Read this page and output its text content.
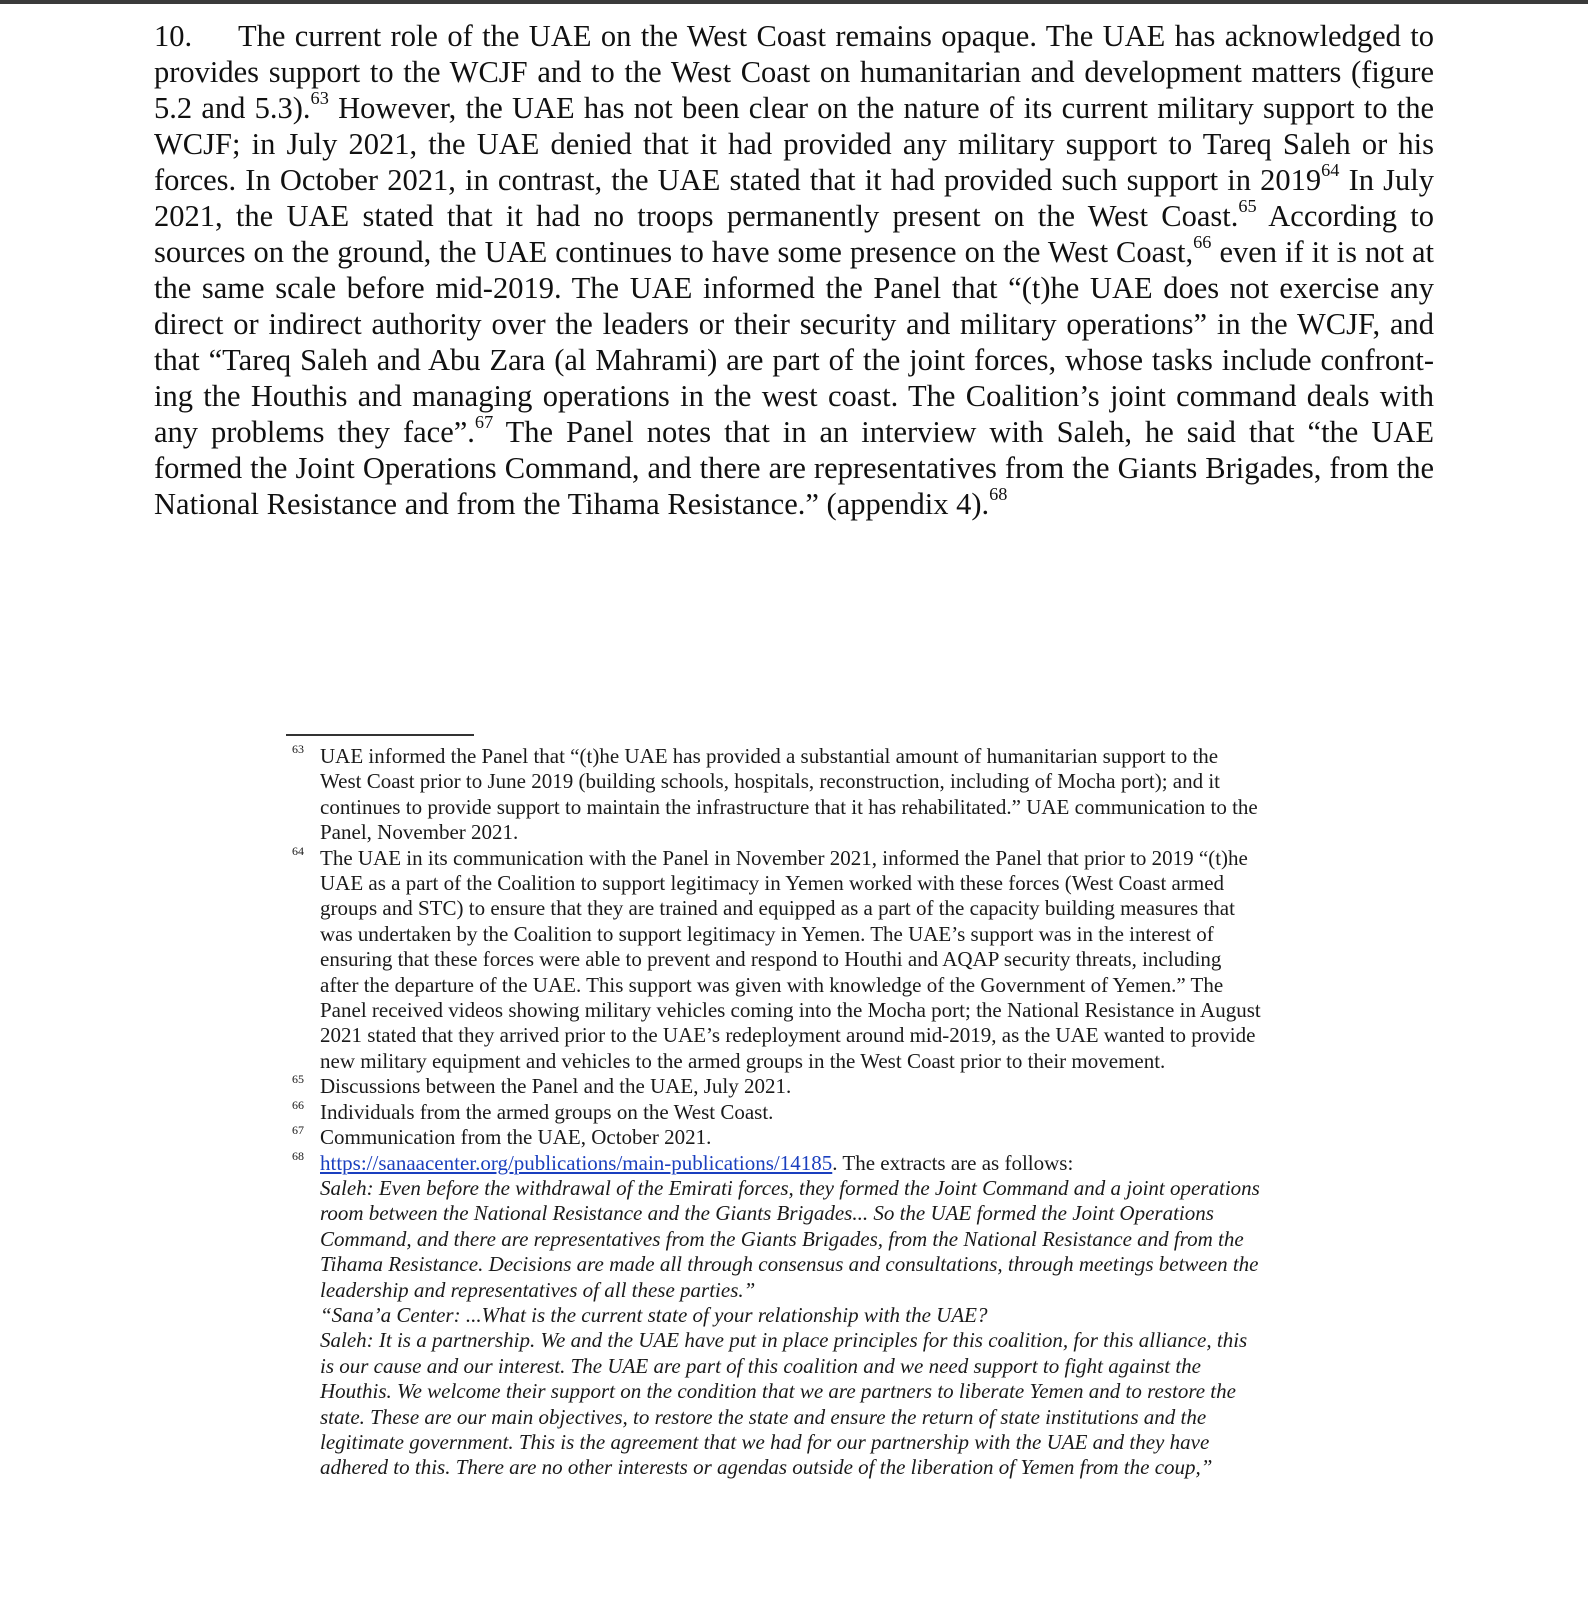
10. The current role of the UAE on the West Coast remains opaque. The UAE has acknowledged to provides support to the WCJF and to the West Coast on humanitarian and development matters (figure 5.2 and 5.3).$^{63}$ However, the UAE has not been clear on the nature of its current military support to the WCJF; in July 2021, the UAE denied that it had provided any military support to Tareq Saleh or his forces. In October 2021, in contrast, the UAE stated that it had provided such support in 2019$^{64}$ In July 2021, the UAE stated that it had no troops permanently present on the West Coast.$^{65}$ According to sources on the ground, the UAE continues to have some presence on the West Coast,$^{66}$ even if it is not at the same scale before mid-2019. The UAE informed the Panel that “(t)he UAE does not exercise any direct or indirect authority over the leaders or their security and military operations” in the WCJF, and that “Tareq Saleh and Abu Zara (al Mahrami) are part of the joint forces, whose tasks include confronting the Houthis and managing operations in the west coast. The Coalition’s joint command deals with any problems they face”.$^{67}$ The Panel notes that in an interview with Saleh, he said that “the UAE formed the Joint Operations Command, and there are representatives from the Giants Brigades, from the National Resistance and from the Tihama Resistance.” (appendix 4).$^{68}$

63 UAE informed the Panel that “(t)he UAE has provided a substantial amount of humanitarian support to the West Coast prior to June 2019 (building schools, hospitals, reconstruction, including of Mocha port); and it continues to provide support to maintain the infrastructure that it has rehabilitated.” UAE communication to the Panel, November 2021.

64 The UAE in its communication with the Panel in November 2021, informed the Panel that prior to 2019 “(t)he UAE as a part of the Coalition to support legitimacy in Yemen worked with these forces (West Coast armed groups and STC) to ensure that they are trained and equipped as a part of the capacity building measures that was undertaken by the Coalition to support legitimacy in Yemen. The UAE’s support was in the interest of ensuring that these forces were able to prevent and respond to Houthi and AQAP security threats, including after the departure of the UAE. This support was given with knowledge of the Government of Yemen.” The Panel received videos showing military vehicles coming into the Mocha port; the National Resistance in August 2021 stated that they arrived prior to the UAE’s redeployment around mid-2019, as the UAE wanted to provide new military equipment and vehicles to the armed groups in the West Coast prior to their movement.

65 Discussions between the Panel and the UAE, July 2021.

66 Individuals from the armed groups on the West Coast.

67 Communication from the UAE, October 2021.

68 https://sanaacenter.org/publications/main-publications/14185. The extracts are as follows:
Saleh: Even before the withdrawal of the Emirati forces, they formed the Joint Command and a joint operations room between the National Resistance and the Giants Brigades... So the UAE formed the Joint Operations Command, and there are representatives from the Giants Brigades, from the National Resistance and from the Tihama Resistance. Decisions are made all through consensus and consultations, through meetings between the leadership and representatives of all these parties.”
“Sana’a Center: ...What is the current state of your relationship with the UAE?
Saleh: It is a partnership. We and the UAE have put in place principles for this coalition, for this alliance, this is our cause and our interest. The UAE are part of this coalition and we need support to fight against the Houthis. We welcome their support on the condition that we are partners to liberate Yemen and to restore the state. These are our main objectives, to restore the state and ensure the return of state institutions and the legitimate government. This is the agreement that we had for our partnership with the UAE and they have adhered to this. There are no other interests or agendas outside of the liberation of Yemen from the coup,”
